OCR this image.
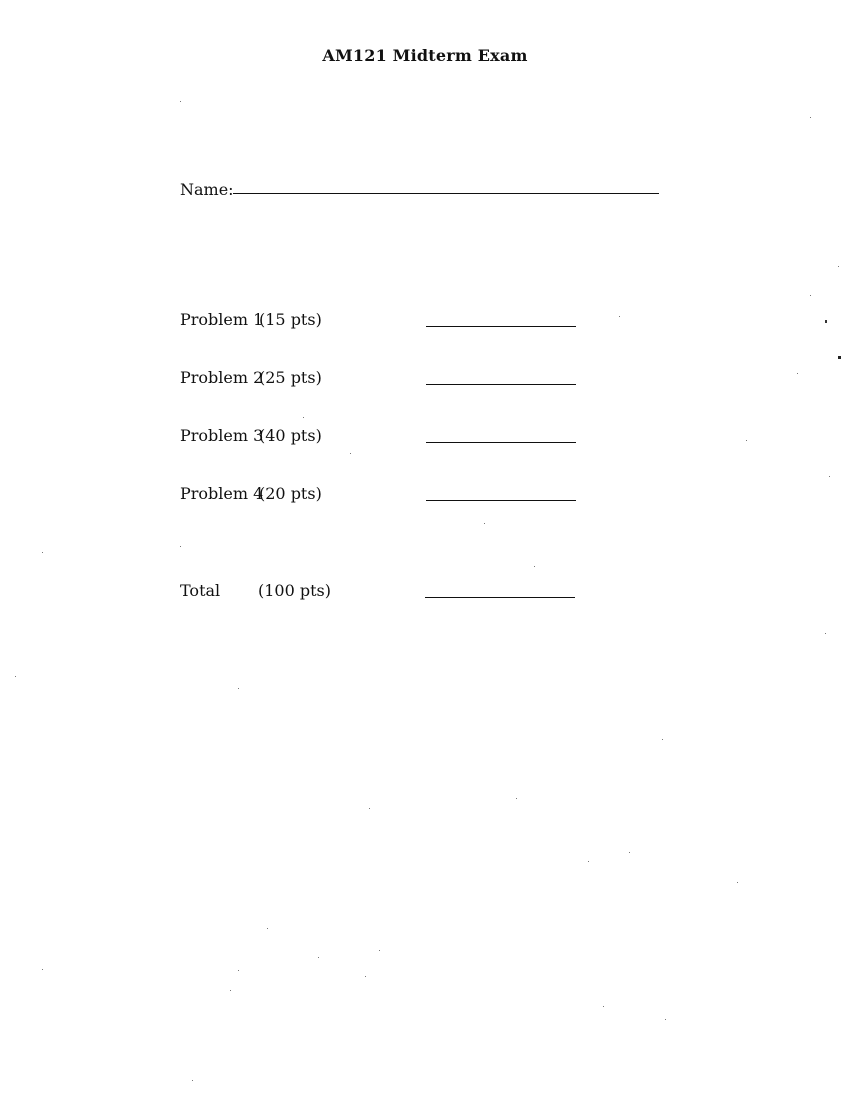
AM121 Midterm Exam
Name:
Problem 1
(15 pts)
Problem 2
(25 pts)
Problem 3
(40 pts)
Problem 4
(20 pts)
Total (100 pts)
